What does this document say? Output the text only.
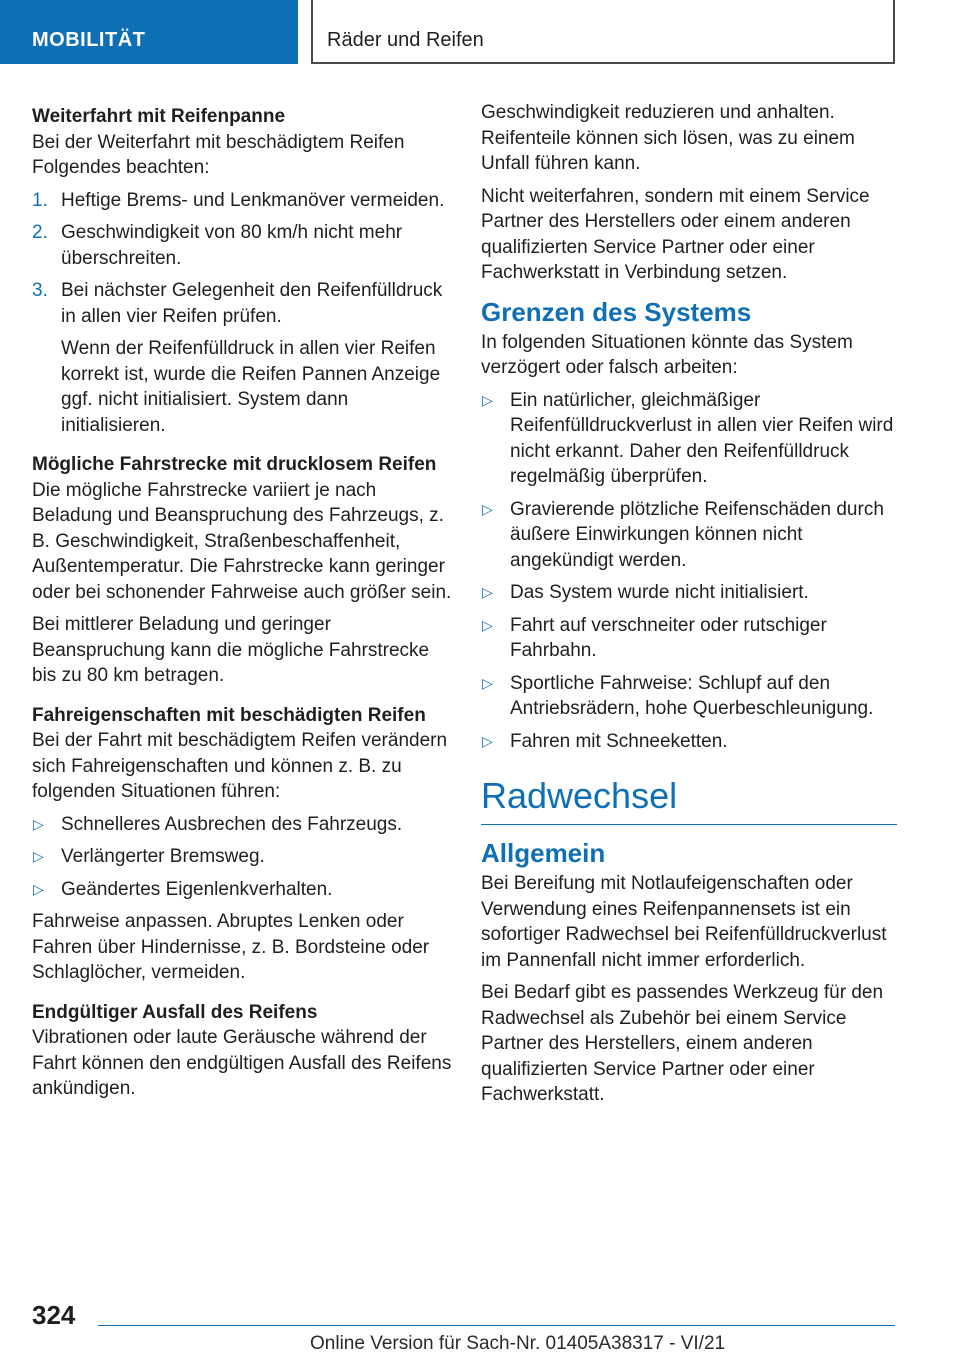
MOBILITÄT	Räder und Reifen
Weiterfahrt mit Reifenpanne

Bei der Weiterfahrt mit beschädigtem Reifen Folgendes beachten:

1. Heftige Brems- und Lenkmanöver vermeiden.
2. Geschwindigkeit von 80 km/h nicht mehr überschreiten.
3. Bei nächster Gelegenheit den Reifenfülldruck in allen vier Reifen prüfen.
Wenn der Reifenfülldruck in allen vier Reifen korrekt ist, wurde die Reifen Pannen Anzeige ggf. nicht initialisiert. System dann initialisieren.
Mögliche Fahrstrecke mit drucklosem Reifen

Die mögliche Fahrstrecke variiert je nach Beladung und Beanspruchung des Fahrzeugs, z. B. Geschwindigkeit, Straßenbeschaffenheit, Außentemperatur. Die Fahrstrecke kann geringer oder bei schonender Fahrweise auch größer sein.

Bei mittlerer Beladung und geringer Beanspruchung kann die mögliche Fahrstrecke bis zu 80 km betragen.

Fahreigenschaften mit beschädigten Reifen

Bei der Fahrt mit beschädigtem Reifen verändern sich Fahreigenschaften und können z. B. zu folgenden Situationen führen:

▷ Schnelleres Ausbrechen des Fahrzeugs.
▷ Verlängerter Bremsweg.
▷ Geändertes Eigenlenkverhalten.

Fahrweise anpassen. Abruptes Lenken oder Fahren über Hindernisse, z. B. Bordsteine oder Schlaglöcher, vermeiden.

Endgültiger Ausfall des Reifens

Vibrationen oder laute Geräusche während der Fahrt können den endgültigen Ausfall des Reifens ankündigen.

Geschwindigkeit reduzieren und anhalten. Reifenteile können sich lösen, was zu einem Unfall führen kann.

Nicht weiterfahren, sondern mit einem Service Partner des Herstellers oder einem anderen qualifizierten Service Partner oder einer Fachwerkstatt in Verbindung setzen.

Grenzen des Systems

In folgenden Situationen könnte das System verzögert oder falsch arbeiten:

▷ Ein natürlicher, gleichmäßiger Reifenfülldruckverlust in allen vier Reifen wird nicht erkannt. Daher den Reifenfülldruck regelmäßig überprüfen.
▷ Gravierende plötzliche Reifenschäden durch äußere Einwirkungen können nicht angekündigt werden.
▷ Das System wurde nicht initialisiert.
▷ Fahrt auf verschneiter oder rutschiger Fahrbahn.
▷ Sportliche Fahrweise: Schlupf auf den Antriebsrädern, hohe Querbeschleunigung.
▷ Fahren mit Schneeketten.
Radwechsel
Allgemein

Bei Bereifung mit Notlaufeigenschaften oder Verwendung eines Reifenpannensets ist ein sofortiger Radwechsel bei Reifenfülldruckverlust im Pannenfall nicht immer erforderlich.

Bei Bedarf gibt es passendes Werkzeug für den Radwechsel als Zubehör bei einem Service Partner des Herstellers, einem anderen qualifizierten Service Partner oder einer Fachwerkstatt.

324
Online Version für Sach-Nr. 01405A38317 - VI/21
